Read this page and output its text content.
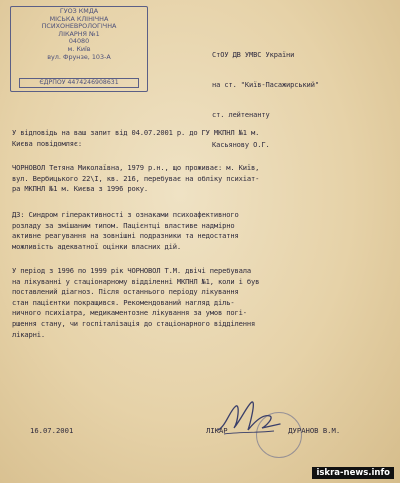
ГУОЗ КМДА
МІСЬКА КЛІНІЧНА
ПСИХОНЕВРОЛОГІЧНА
ЛІКАРНЯ №1
04080
м. Київ
вул. Фрунзе, 103-А
ЄДРПОУ 4474246908631

СтОУ ДВ УМВС України

на ст. "Київ-Пасажирський"

ст. лейтенанту

Касьянову О.Г.

У відповідь на ваш запит від 04.07.2001 р. до ГУ МКПНЛ №1 м.
Києва повідомляє:
ЧОРНОВОЛ Тетяна Миколаївна, 1979 р.н., що проживає: м. Київ,
вул. Вербицького 22\І, кв. 216, перебуває на обліку психіат-
ра МКПНЛ №1 м. Києва з 1996 року.
ДЗ: Синдром гіперактивності з ознаками психоафективного
розладу за змішаним типом. Пацієнтці властиве надмірно
активне реагування на зовнішні подразники та недостатня
можливість адекватної оцінки власних дій.
У період з 1996 по 1999 рік ЧОРНОВОЛ Т.М. двічі перебувала
на лікуванні у стаціонарному відділенні МКПНЛ №1, коли і був
поставлений діагноз. Після останнього періоду лікування
стан пацієнтки покращився. Рекомендований нагляд діль-
ничного психіатра, медикаментозне лікування за умов погі-
ршення стану, чи госпіталізація до стаціонарного відділення
лікарні.
16.07.2001	ЛІКАР              ДУРАНОВ В.М.
iskra-news.info
